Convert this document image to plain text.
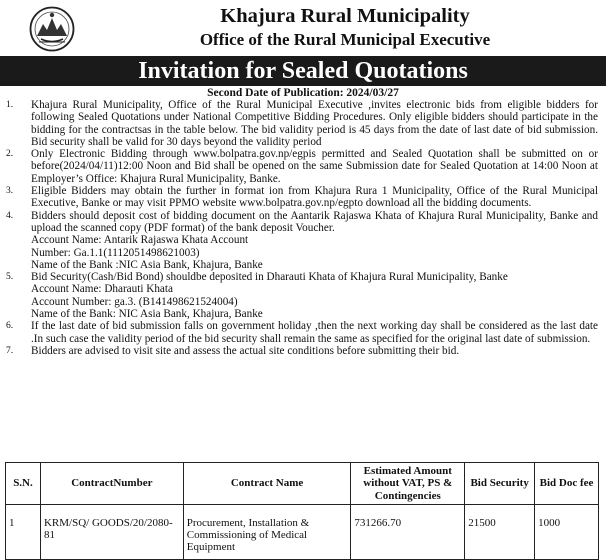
Khajura Rural Municipality
Office of the Rural Municipal Executive
Invitation for Sealed Quotations
Second Date of Publication: 2024/03/27
1. Khajura Rural Municipality, Office of the Rural Municipal Executive ,invites electronic bids from eligible bidders for following Sealed Quotations under National Competitive Bidding Procedures. Only eligible bidders should participate in the bidding for the contractsas in the table below. The bid validity period is 45 days from the date of last date of bid submission. Bid security shall be valid for 30 days beyond the validity period
2. Only Electronic Bidding through www.bolpatra.gov.np/egpis permitted and Sealed Quotation shall be submitted on or before(2024/04/11)12:00 Noon and Bid shall be opened on the same Submission date for Sealed Quotation at 14:00 Noon at Employer’s Office: Khajura Rural Municipality, Banke.
3. Eligible Bidders may obtain the further in format ion from Khajura Rura 1 Municipality, Office of the Rural Municipal Executive, Banke or may visit PPMO website www.bolpatra.gov.np/egpto download all the bidding documents.
4. Bidders should deposit cost of bidding document on the Aantarik Rajaswa Khata of Khajura Rural Municipality, Banke and upload the scanned copy (PDF format) of the bank deposit Voucher.
Account Name: Antarik Rajaswa Khata Account
Number: Ga.1.1(1112051498621003)
Name of the Bank :NIC Asia Bank, Khajura, Banke
5. Bid Security(Cash/Bid Bond) shouldbe deposited in Dharauti Khata of Khajura Rural Municipality, Banke
Account Name: Dharauti Khata
Account Number: ga.3. (B141498621524004)
Name of the Bank: NIC Asia Bank, Khajura, Banke
6. If the last date of bid submission falls on government holiday ,then the next working day shall be considered as the last date .In such case the validity period of the bid security shall remain the same as specified for the original last date of submission.
7. Bidders are advised to visit site and assess the actual site conditions before submitting their bid.
S.N.	ContractNumber	Contract Name	Estimated Amount without VAT, PS & Contingencies	Bid Security	Bid Doc fee
1	KRM/SQ/ GOODS/20/2080-81	Procurement, Installation & Commissioning of Medical Equipment	731266.70	21500	1000
